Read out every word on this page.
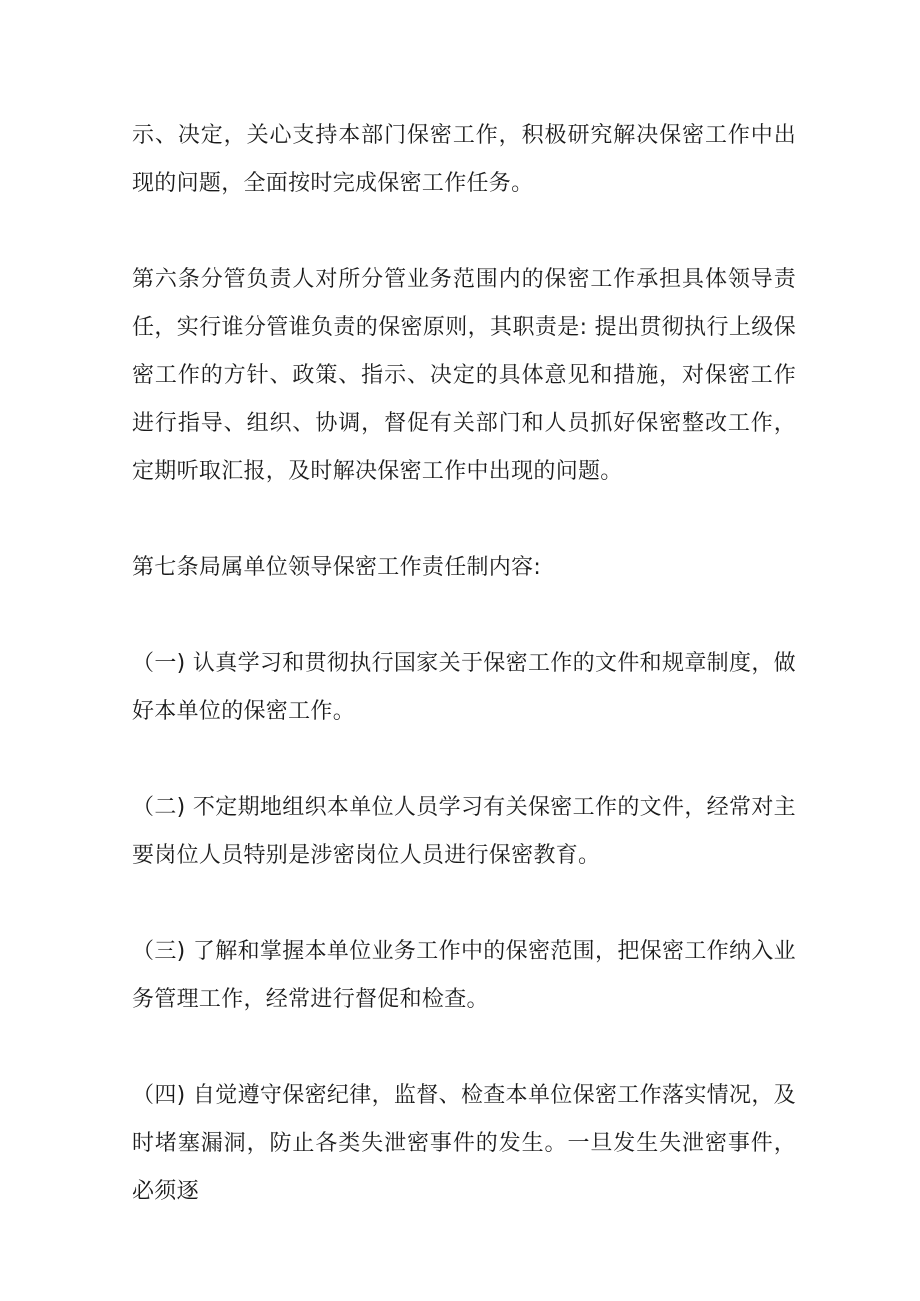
示、决定，关心支持本部门保密工作，积极研究解决保密工作中出现的问题，全面按时完成保密工作任务。

第六条分管负责人对所分管业务范围内的保密工作承担具体领导责任，实行谁分管谁负责的保密原则，其职责是: 提出贯彻执行上级保密工作的方针、政策、指示、决定的具体意见和措施，对保密工作进行指导、组织、协调，督促有关部门和人员抓好保密整改工作，定期听取汇报，及时解决保密工作中出现的问题。

第七条局属单位领导保密工作责任制内容:

（一) 认真学习和贯彻执行国家关于保密工作的文件和规章制度，做好本单位的保密工作。

（二) 不定期地组织本单位人员学习有关保密工作的文件，经常对主要岗位人员特别是涉密岗位人员进行保密教育。

（三) 了解和掌握本单位业务工作中的保密范围，把保密工作纳入业务管理工作，经常进行督促和检查。

（四) 自觉遵守保密纪律，监督、检查本单位保密工作落实情况，及时堵塞漏洞，防止各类失泄密事件的发生。一旦发生失泄密事件，必须逐
